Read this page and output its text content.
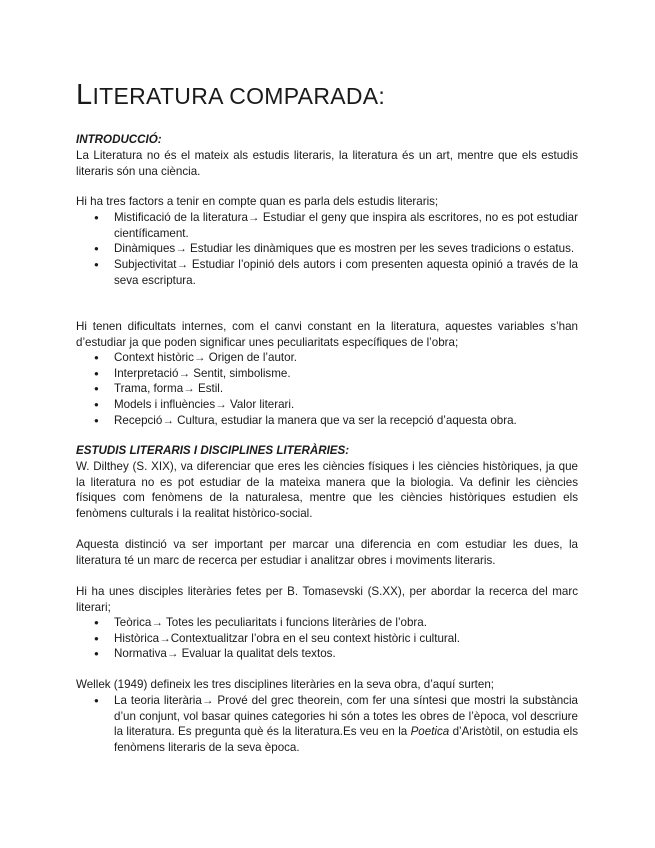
LITERATURA COMPARADA:
INTRODUCCIÓ:

La Literatura no és el mateix als estudis literaris, la literatura és un art, mentre que els estudis literaris són una ciència.

Hi ha tres factors a tenir en compte quan es parla dels estudis literaris;

● Mistificació de la literatura→ Estudiar el geny que inspira als escritores, no es pot estudiar científicament.
● Dinàmiques→ Estudiar les dinàmiques que es mostren per les seves tradicions o estatus.
● Subjectivitat→ Estudiar l’opinió dels autors i com presenten aquesta opinió a través de la seva escriptura.

Hi tenen dificultats internes, com el canvi constant en la literatura, aquestes variables s’han d’estudiar ja que poden significar unes peculiaritats específiques de l’obra;

● Context històric→ Origen de l’autor.
● Interpretació→ Sentit, simbolisme.
● Trama, forma→ Estil.
● Models i influències→ Valor literari.
● Recepció→ Cultura, estudiar la manera que va ser la recepció d’aquesta obra.
ESTUDIS LITERARIS I DISCIPLINES LITERÀRIES:

W. Dilthey (S. XIX), va diferenciar que eres les ciències físiques i les ciències històriques, ja que la literatura no es pot estudiar de la mateixa manera que la biologia. Va definir les ciències físiques com fenòmens de la naturalesa, mentre que les ciències històriques estudien els fenòmens culturals i la realitat històrico-social.

Aquesta distinció va ser important per marcar una diferencia en com estudiar les dues, la literatura té un marc de recerca per estudiar i analitzar obres i moviments literaris.

Hi ha unes disciples literàries fetes per B. Tomasevski (S.XX), per abordar la recerca del marc literari;

● Teòrica→ Totes les peculiaritats i funcions literàries de l’obra.
● Històrica→Contextualitzar l’obra en el seu context històric i cultural.
● Normativa→ Evaluar la qualitat dels textos.

Wellek (1949) defineix les tres disciplines literàries en la seva obra, d’aquí surten;

● La teoria literària→ Prové del grec theorein, com fer una síntesi que mostri la substància d’un conjunt, vol basar quines categories hi són a totes les obres de l’època, vol descriure la literatura. Es pregunta què és la literatura.Es veu en la Poetica d’Aristòtil, on estudia els fenòmens literaris de la seva època.
